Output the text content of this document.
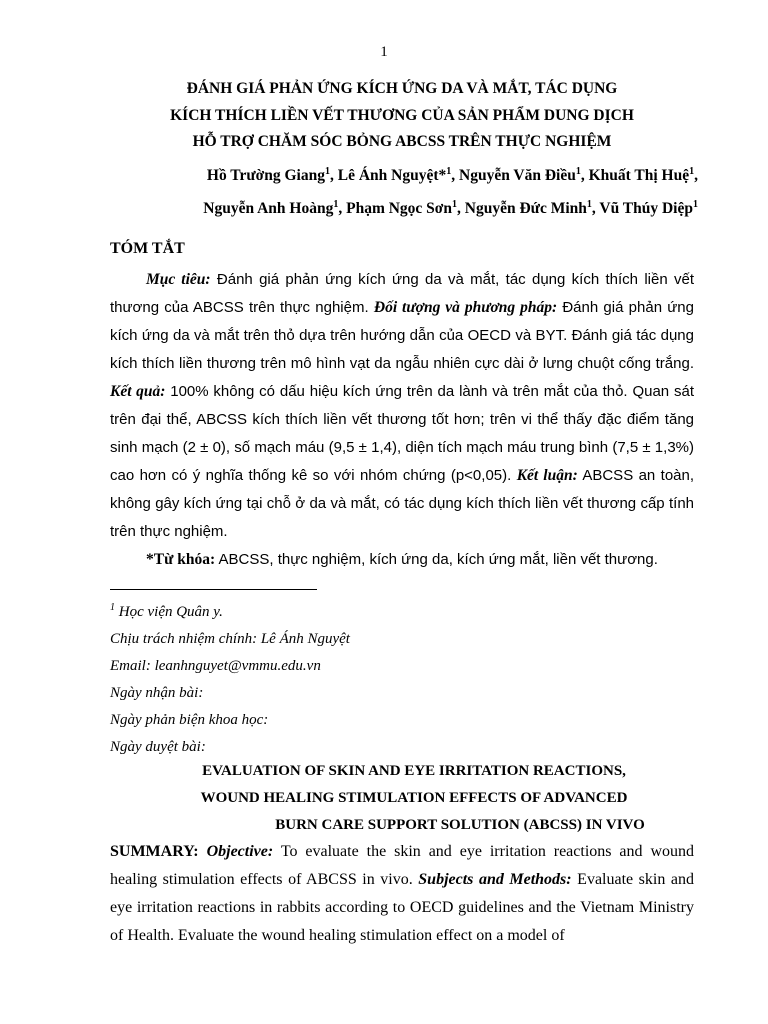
1
ĐÁNH GIÁ PHẢN ỨNG KÍCH ỨNG DA VÀ MẮT, TÁC DỤNG
KÍCH THÍCH LIỀN VẾT THƯƠNG CỦA SẢN PHẨM DUNG DỊCH
HỖ TRỢ CHĂM SÓC BỎNG ABCSS TRÊN THỰC NGHIỆM
Hồ Trường Giang$^1$, Lê Ánh Nguyệt*$^1$, Nguyễn Văn Điều$^1$, Khuất Thị Huệ$^1$,
Nguyễn Anh Hoàng$^1$, Phạm Ngọc Sơn$^1$, Nguyễn Đức Minh$^1$, Vũ Thúy Diệp$^1$
TÓM TẮT

Mục tiêu: Đánh giá phản ứng kích ứng da và mắt, tác dụng kích thích liền vết thương của ABCSS trên thực nghiệm. Đối tượng và phương pháp: Đánh giá phản ứng kích ứng da và mắt trên thỏ dựa trên hướng dẫn của OECD và BYT. Đánh giá tác dụng kích thích liền thương trên mô hình vạt da ngẫu nhiên cực dài ở lưng chuột cống trắng. Kết quả: 100% không có dấu hiệu kích ứng trên da lành và trên mắt của thỏ. Quan sát trên đại thể, ABCSS kích thích liền vết thương tốt hơn; trên vi thể thấy đặc điểm tăng sinh mạch (2 ± 0), số mạch máu (9,5 ± 1,4), diện tích mạch máu trung bình (7,5 ± 1,3%) cao hơn có ý nghĩa thống kê so với nhóm chứng (p<0,05). Kết luận: ABCSS an toàn, không gây kích ứng tại chỗ ở da và mắt, có tác dụng kích thích liền vết thương cấp tính trên thực nghiệm.

*Từ khóa: ABCSS, thực nghiệm, kích ứng da, kích ứng mắt, liền vết thương.

$^1$ Học viện Quân y.
Chịu trách nhiệm chính: Lê Ánh Nguyệt
Email: leanhnguyet@vmmu.edu.vn
Ngày nhận bài:
Ngày phản biện khoa học:
Ngày duyệt bài:
EVALUATION OF SKIN AND EYE IRRITATION REACTIONS,
WOUND HEALING STIMULATION EFFECTS OF ADVANCED
BURN CARE SUPPORT SOLUTION (ABCSS) IN VIVO
SUMMARY: Objective: To evaluate the skin and eye irritation reactions and wound healing stimulation effects of ABCSS in vivo. Subjects and Methods: Evaluate skin and eye irritation reactions in rabbits according to OECD guidelines and the Vietnam Ministry of Health. Evaluate the wound healing stimulation effect on a model of
